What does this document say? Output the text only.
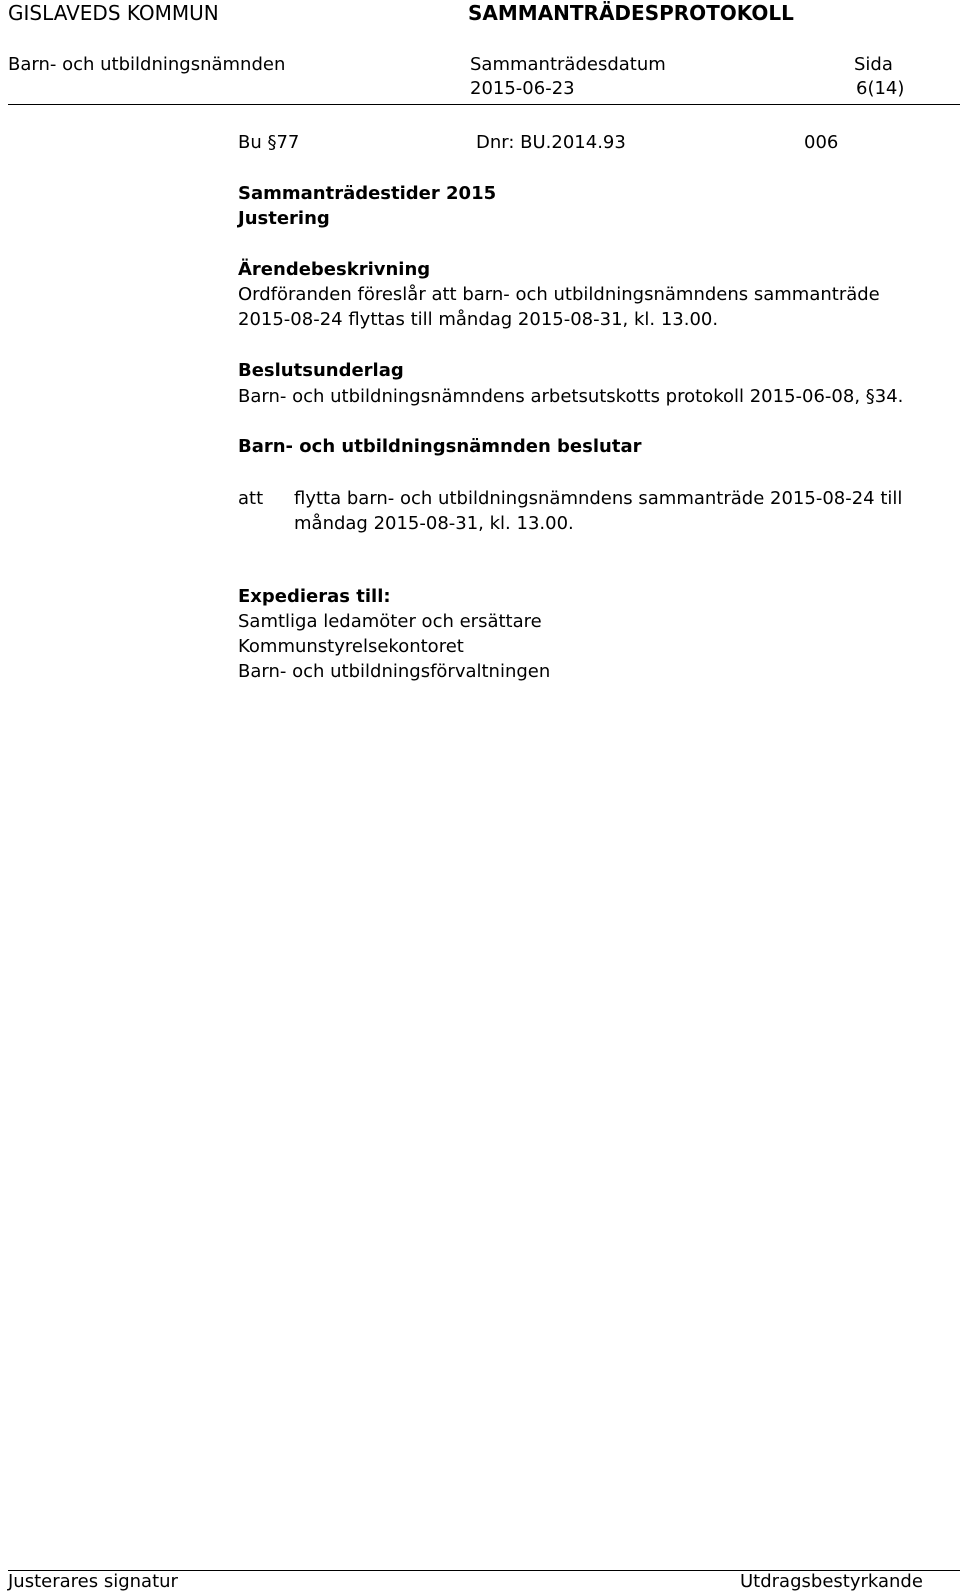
GISLAVEDS KOMMUN	SAMMANTRÄDESPROTOKOLL
Barn- och utbildningsnämnden	Sammanträdesdatum
2015-06-23
Sida
6(14)
Bu §77	Dnr: BU.2014.93	006
Sammanträdestider 2015
Justering
Ärendebeskrivning
Ordföranden föreslår att barn- och utbildningsnämndens sammanträde
2015-08-24 flyttas till måndag 2015-08-31, kl. 13.00.
Beslutsunderlag
Barn- och utbildningsnämndens arbetsutskotts protokoll 2015-06-08, §34.
Barn- och utbildningsnämnden beslutar
att flytta barn- och utbildningsnämndens sammanträde 2015-08-24 till
måndag 2015-08-31, kl. 13.00.
Expedieras till:
Samtliga ledamöter och ersättare
Kommunstyrelsekontoret
Barn- och utbildningsförvaltningen
Justerares signatur	Utdragsbestyrkande
